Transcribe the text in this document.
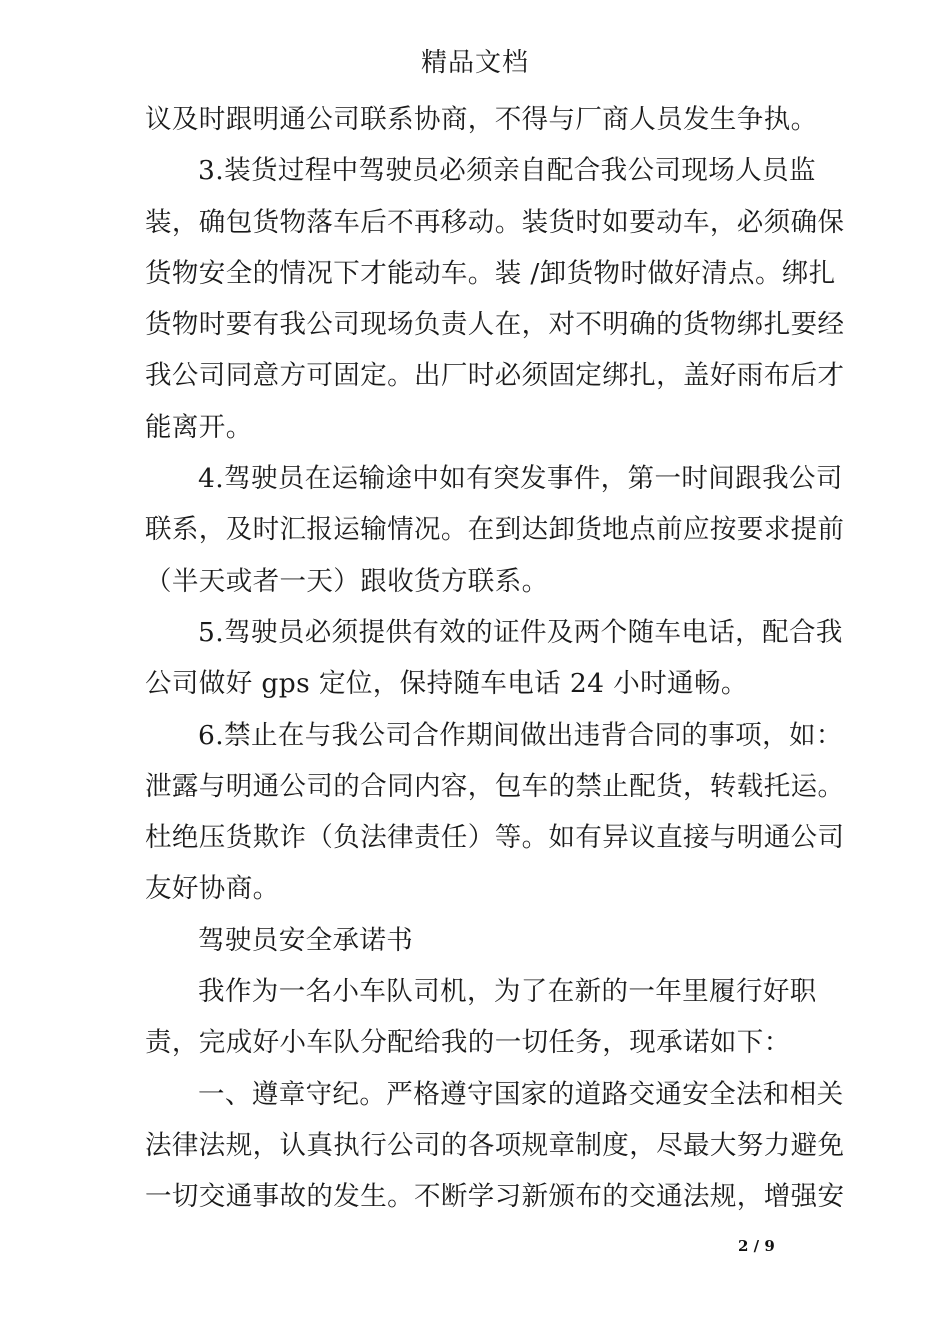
精品文档
议及时跟明通公司联系协商，不得与厂商人员发生争执。
3.装货过程中驾驶员必须亲自配合我公司现场人员监
装，确包货物落车后不再移动。装货时如要动车，必须确保
货物安全的情况下才能动车。装 /卸货物时做好清点。绑扎
货物时要有我公司现场负责人在，对不明确的货物绑扎要经
我公司同意方可固定。出厂时必须固定绑扎，盖好雨布后才
能离开。
4.驾驶员在运输途中如有突发事件，第一时间跟我公司
联系，及时汇报运输情况。在到达卸货地点前应按要求提前
（半天或者一天）跟收货方联系。
5.驾驶员必须提供有效的证件及两个随车电话，配合我
公司做好 gps 定位，保持随车电话 24 小时通畅。
6.禁止在与我公司合作期间做出违背合同的事项，如：
泄露与明通公司的合同内容，包车的禁止配货，转载托运。
杜绝压货欺诈（负法律责任）等。如有异议直接与明通公司
友好协商。
驾驶员安全承诺书
我作为一名小车队司机，为了在新的一年里履行好职
责，完成好小车队分配给我的一切任务，现承诺如下：
一、遵章守纪。严格遵守国家的道路交通安全法和相关
法律法规，认真执行公司的各项规章制度，尽最大努力避免
一切交通事故的发生。不断学习新颁布的交通法规，增强安
2 / 9
